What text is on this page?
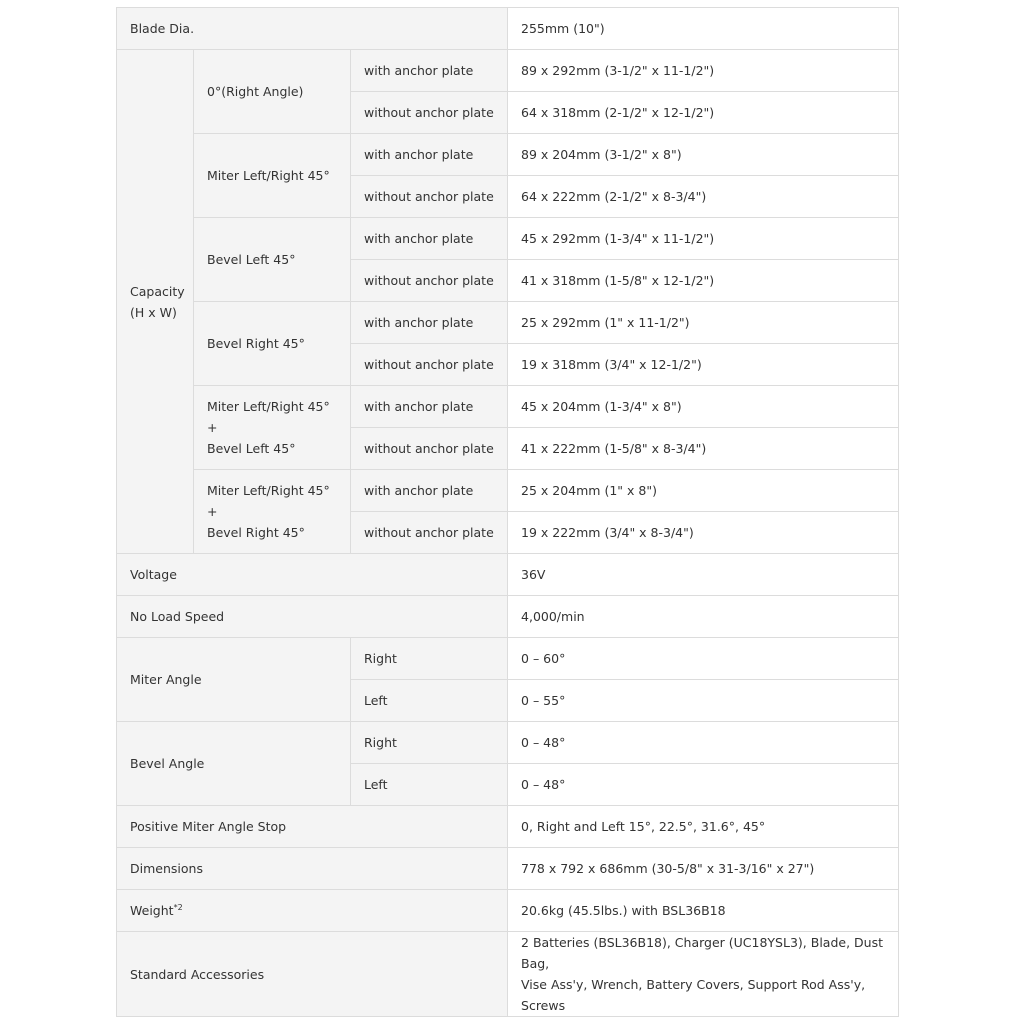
Blade Dia.			255mm (10")

Capacity
(H x W)	0°(Right Angle)	with anchor plate	89 x 292mm (3-1/2" x 11-1/2")
		without anchor plate	64 x 318mm (2-1/2" x 12-1/2")
	Miter Left/Right 45°	with anchor plate	89 x 204mm (3-1/2" x 8")
		without anchor plate	64 x 222mm (2-1/2" x 8-3/4")
	Bevel Left 45°	with anchor plate	45 x 292mm (1-3/4" x 11-1/2")
		without anchor plate	41 x 318mm (1-5/8" x 12-1/2")
	Bevel Right 45°	with anchor plate	25 x 292mm (1" x 11-1/2")
		without anchor plate	19 x 318mm (3/4" x 12-1/2")

	Miter Left/Right 45° +
Bevel Left 45°	with anchor plate	45 x 204mm (1-3/4" x 8")
		without anchor plate	41 x 222mm (1-5/8" x 8-3/4")

	Miter Left/Right 45° +
Bevel Right 45°	with anchor plate	25 x 204mm (1" x 8")
		without anchor plate	19 x 222mm (3/4" x 8-3/4")
Voltage			36V
No Load Speed			4,000/min
Miter Angle		Right	0 – 60°
		Left	0 – 55°
Bevel Angle		Right	0 – 48°
		Left	0 – 48°
Positive Miter Angle Stop			0, Right and Left 15°, 22.5°, 31.6°, 45°
Dimensions			778 x 792 x 686mm (30-5/8" x 31-3/16" x 27")
Weight$^{*2}$			20.6kg (45.5lbs.) with BSL36B18
Standard Accessories			2 Batteries (BSL36B18), Charger (UC18YSL3), Blade, Dust Bag,
Vise Ass'y, Wrench, Battery Covers, Support Rod Ass'y, Screws
